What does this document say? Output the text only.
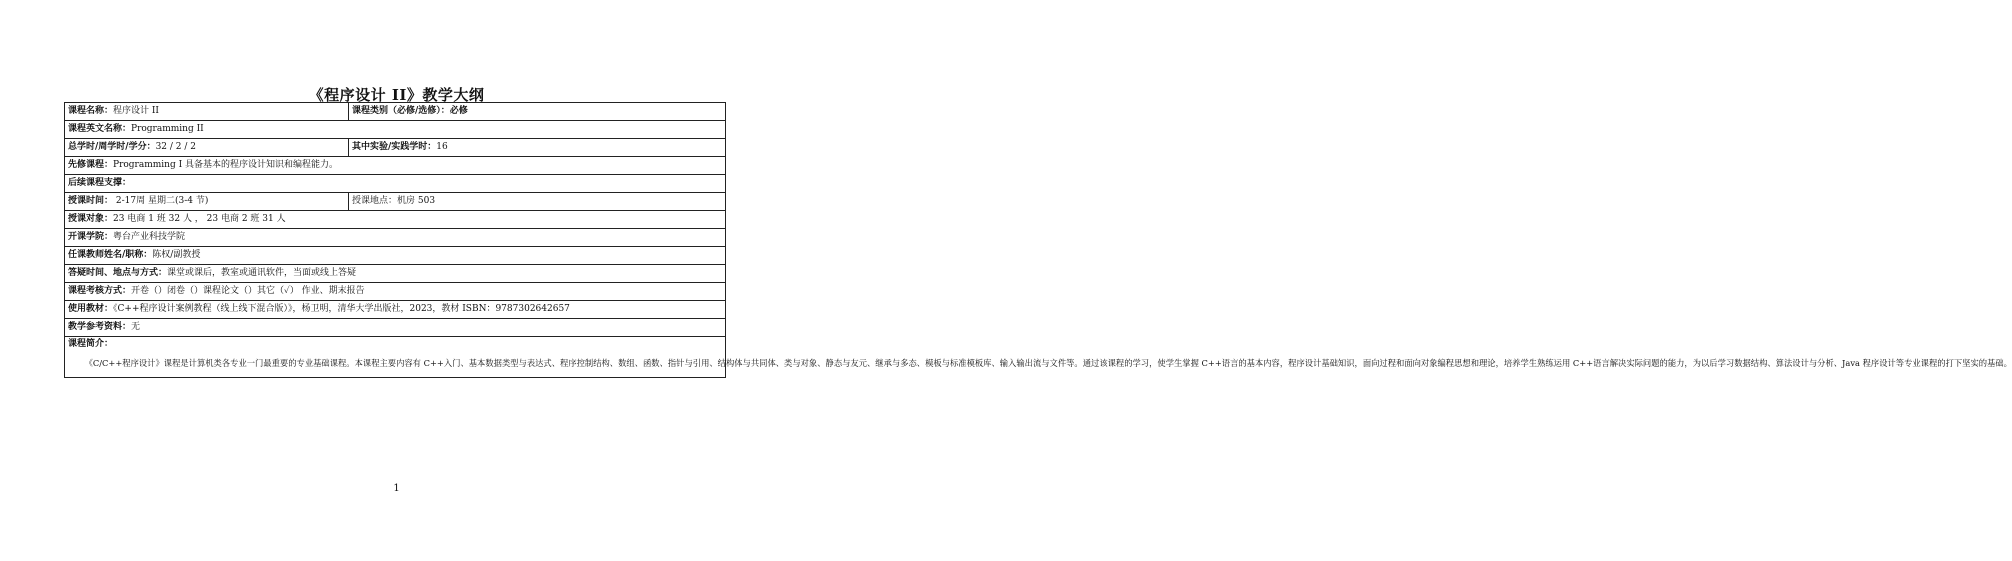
《程序设计 II》教学大纲
课程名称：程序设计 II	课程类别（必修/选修）：必修
课程英文名称：Programming II	
总学时/周学时/学分：32 / 2 / 2	其中实验/实践学时：16
先修课程：Programming I 具备基本的程序设计知识和编程能力。	
后续课程支撑：	
授课时间： 2-17周 星期二(3-4 节)	授课地点：机房 503
授课对象：23 电商 1 班 32 人 ， 23 电商 2 班 31 人	
开课学院：粤台产业科技学院	
任课教师姓名/职称：陈权/副教授	
答疑时间、地点与方式：课堂或课后，教室或通讯软件，当面或线上答疑	
课程考核方式：开卷（）闭卷（）课程论文（）其它（✓） 作业、期末报告	
使用教材：《C++程序设计案例教程（线上线下混合版）》，杨卫明，清华大学出版社，2023，教材 ISBN：9787302642657	
教学参考资料：无	

课程简介：
《C/C++程序设计》课程是计算机类各专业一门最重要的专业基础课程。本课程主要内容有 C++入门、基本数据类型与表达式、程序控制结构、数组、函数、指针与引用、结构体与共同体、类与对象、静态与友元、继承与多态、模板与标准模板库、输入输出流与文件等。通过该课程的学习，使学生掌握 C++语言的基本内容，程序设计基础知识，面向过程和面向对象编程思想和理论，培养学生熟练运用 C++语言解决实际问题的能力，为以后学习数据结构、算法设计与分析、Java 程序设计等专业课程的打下坚实的基础。	
1
